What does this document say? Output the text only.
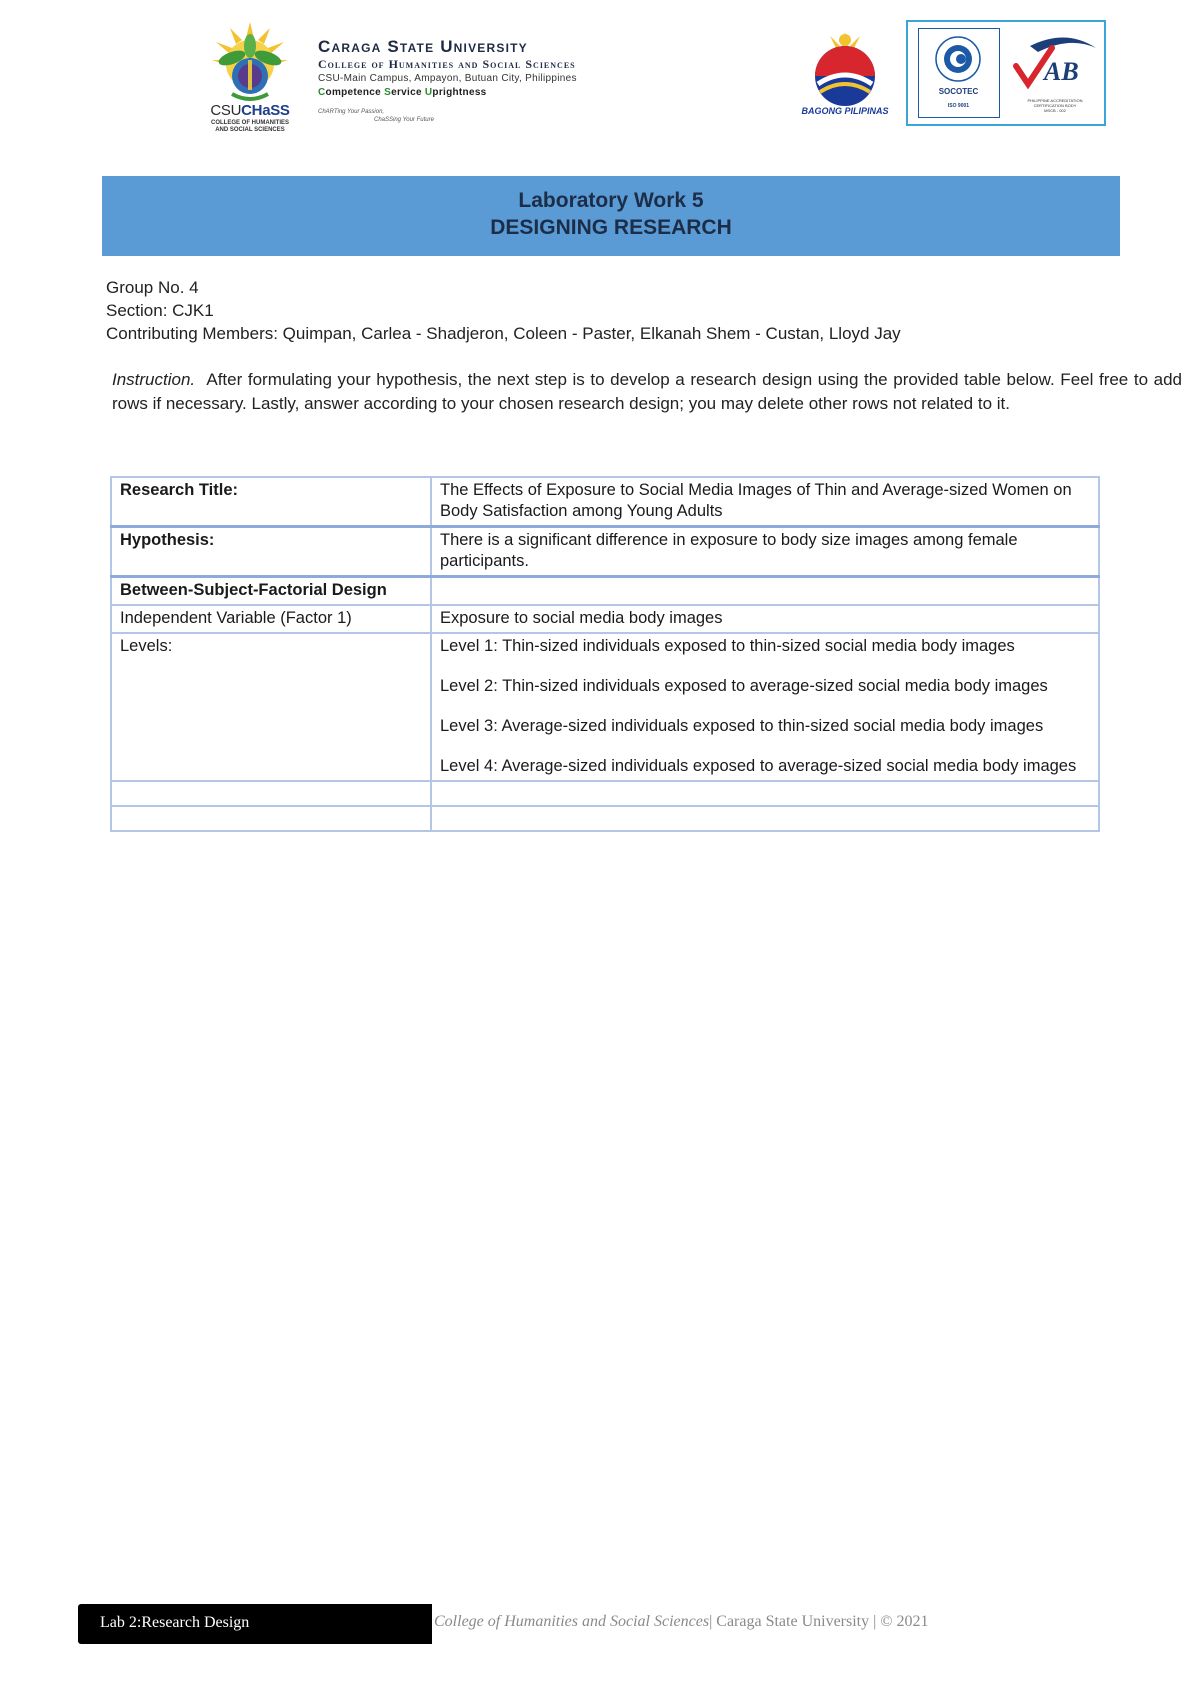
CSUCHaSS
COLLEGE OF HUMANITIES
AND SOCIAL SCIENCES
Caraga State University
College of Humanities and Social Sciences
CSU-Main Campus, Ampayon, Butuan City, Philippines
Competence Service Uprightness
ChARTing Your Passion,
ChaSSing Your Future
BAGONG PILIPINAS
SOCOTEC
ISO 9001
AB
PHILIPPINE ACCREDITATION
CERTIFICATION BODY
MSCB - 002
Laboratory Work 5
DESIGNING RESEARCH

Group No. 4

Section: CJK1

Contributing Members: Quimpan, Carlea - Shadjeron, Coleen - Paster, Elkanah Shem - Custan, Lloyd Jay

Instruction. After formulating your hypothesis, the next step is to develop a research design using the provided table below. Feel free to add rows if necessary. Lastly, answer according to your chosen research design; you may delete other rows not related to it.

Research Title:	The Effects of Exposure to Social Media Images of Thin and Average-sized Women on Body Satisfaction among Young Adults
Hypothesis:	There is a significant difference in exposure to body size images among female participants.
Between-Subject-Factorial Design	
Independent Variable (Factor 1)	Exposure to social media body images
Levels:	Level 1: Thin-sized individuals exposed to thin-sized social media body images
Level 2: Thin-sized individuals exposed to average-sized social media body images
Level 3: Average-sized individuals exposed to thin-sized social media body images
Level 4: Average-sized individuals exposed to average-sized social media body images

Lab 2:Research Design	College of Humanities and Social Sciences| Caraga State University | © 2021
